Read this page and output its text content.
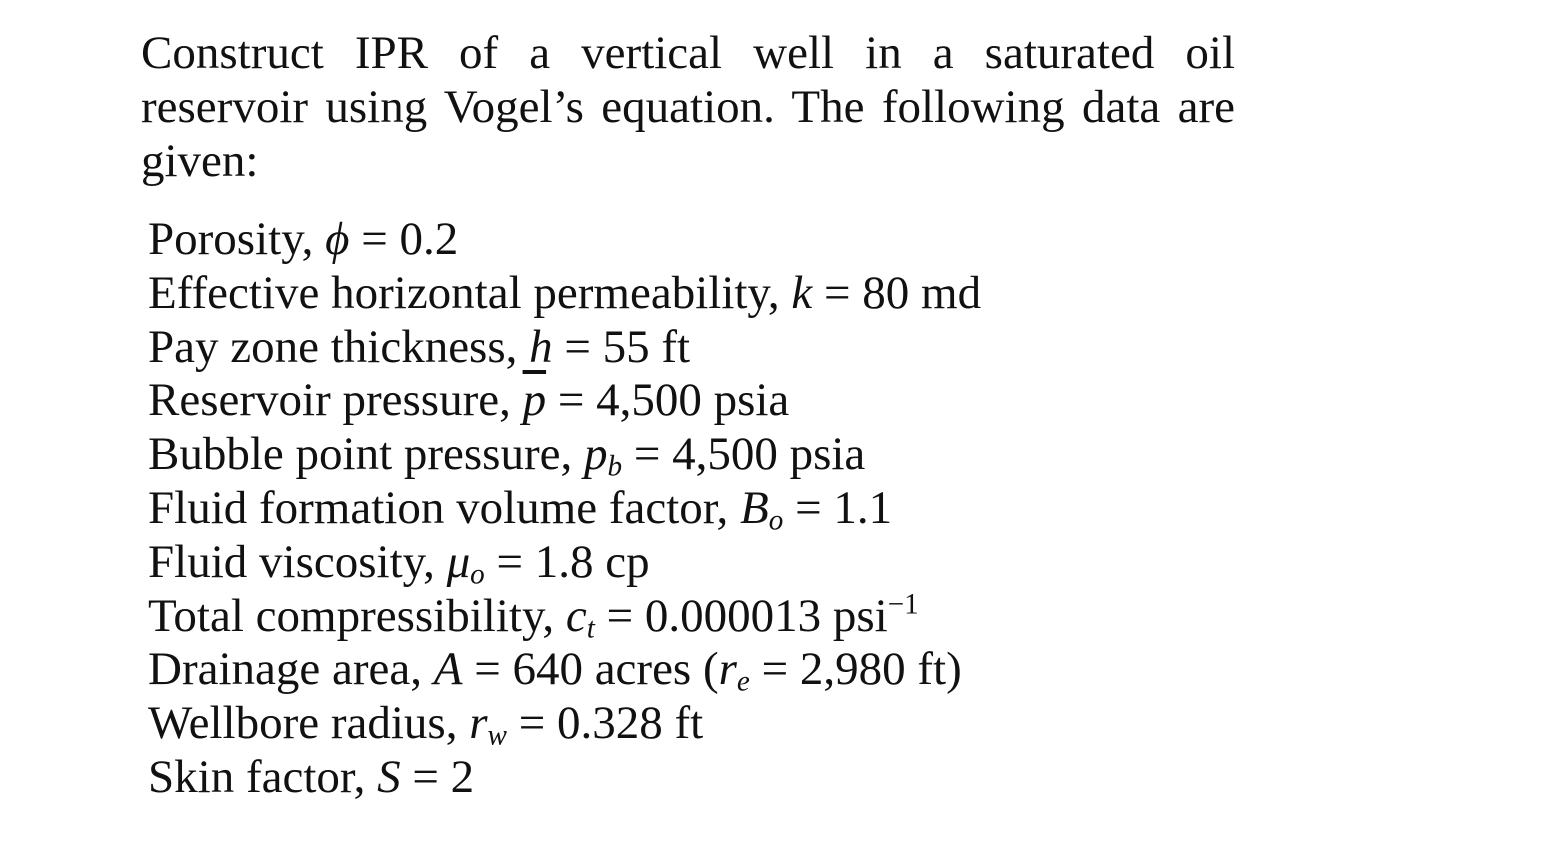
Construct IPR of a vertical well in a saturated oil reservoir using Vogel’s equation. The following data are given:

Porosity, ϕ = 0.2
Effective horizontal permeability, k = 80 md
Pay zone thickness, h = 55 ft
Reservoir pressure, $\overline{p} = 4,500$ psia
Bubble point pressure, $p_b = 4,500$ psia
Fluid formation volume factor, $B_o = 1.1$
Fluid viscosity, $\mu_o = 1.8$ cp
Total compressibility, $c_t = 0.000013$ psi$^{-1}$
Drainage area, A = 640 acres ($r_e = 2,980$ ft)
Wellbore radius, $r_w = 0.328$ ft
Skin factor, S = 2
